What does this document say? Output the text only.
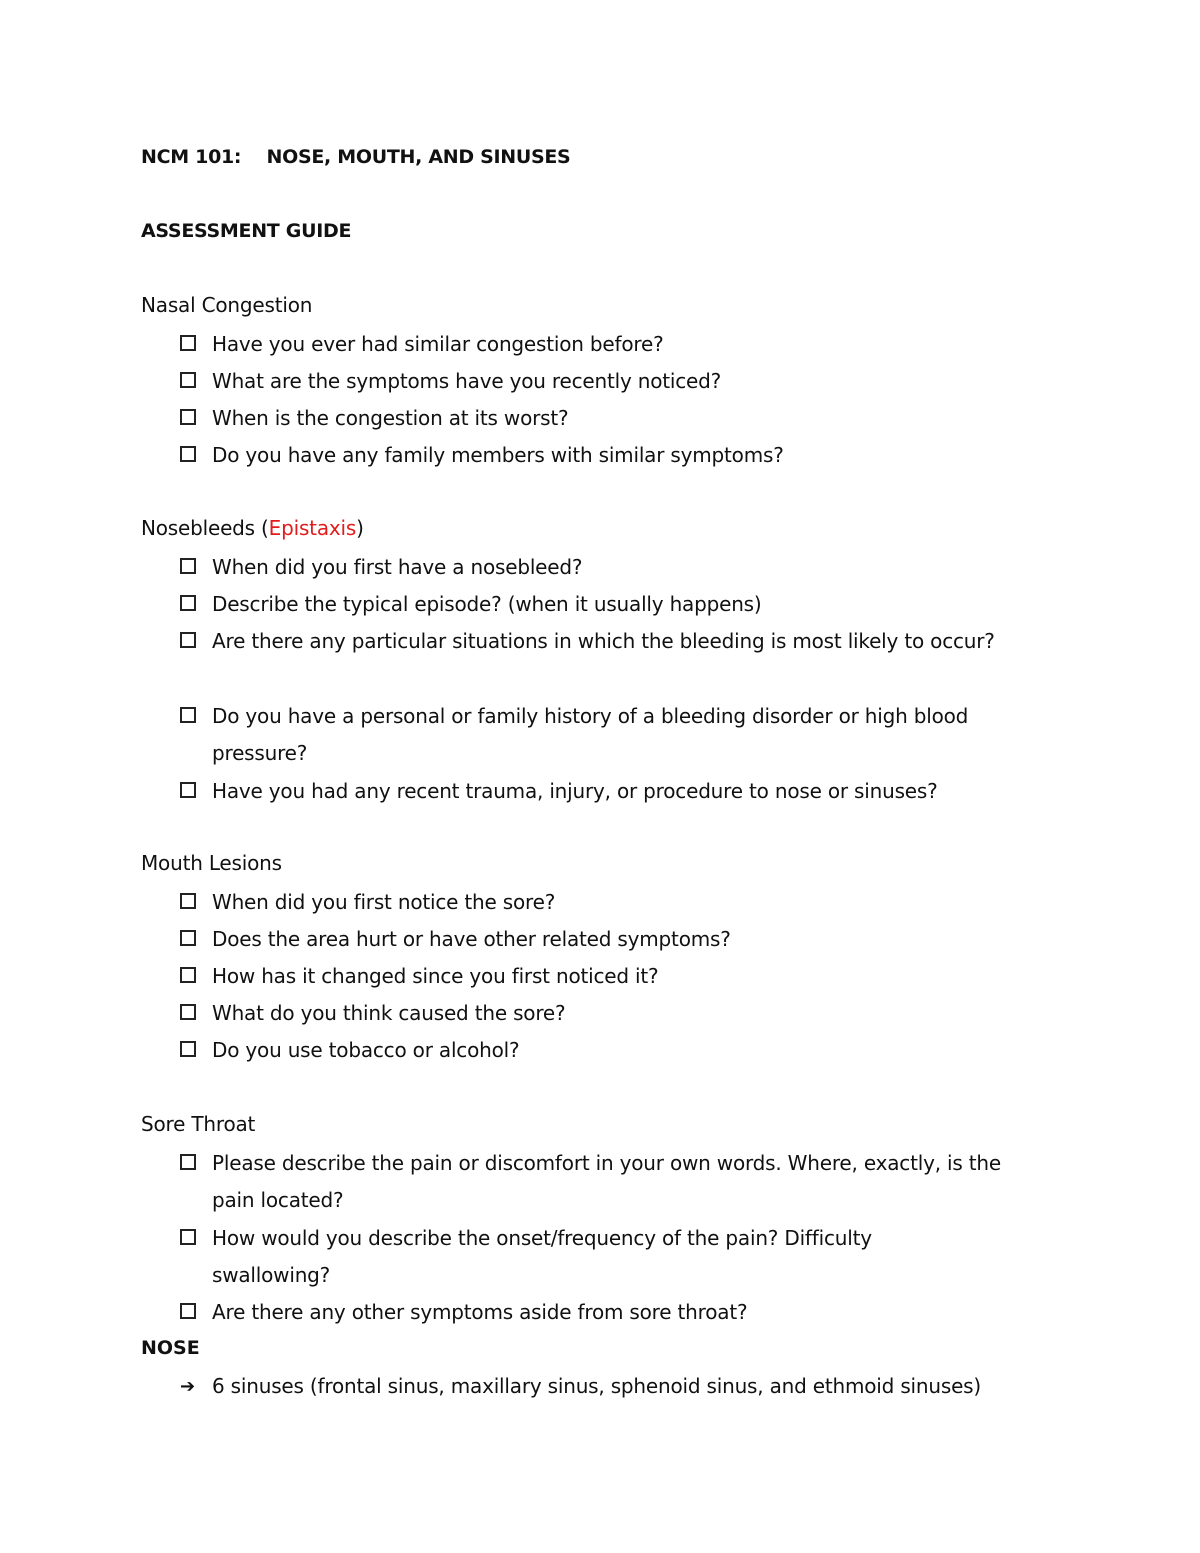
NCM 101:    NOSE, MOUTH, AND SINUSES
ASSESSMENT GUIDE
Nasal Congestion
Have you ever had similar congestion before?
What are the symptoms have you recently noticed?
When is the congestion at its worst?
Do you have any family members with similar symptoms?
Nosebleeds (Epistaxis)
When did you first have a nosebleed?
Describe the typical episode? (when it usually happens)
Are there any particular situations in which the bleeding is most likely to occur?
Do you have a personal or family history of a bleeding disorder or high blood pressure?
Have you had any recent trauma, injury, or procedure to nose or sinuses?
Mouth Lesions
When did you first notice the sore?
Does the area hurt or have other related symptoms?
How has it changed since you first noticed it?
What do you think caused the sore?
Do you use tobacco or alcohol?
Sore Throat
Please describe the pain or discomfort in your own words. Where, exactly, is the pain located?
How would you describe the onset/frequency of the pain? Difficulty swallowing?
Are there any other symptoms aside from sore throat?
NOSE
➔ 6 sinuses (frontal sinus, maxillary sinus, sphenoid sinus, and ethmoid sinuses)
